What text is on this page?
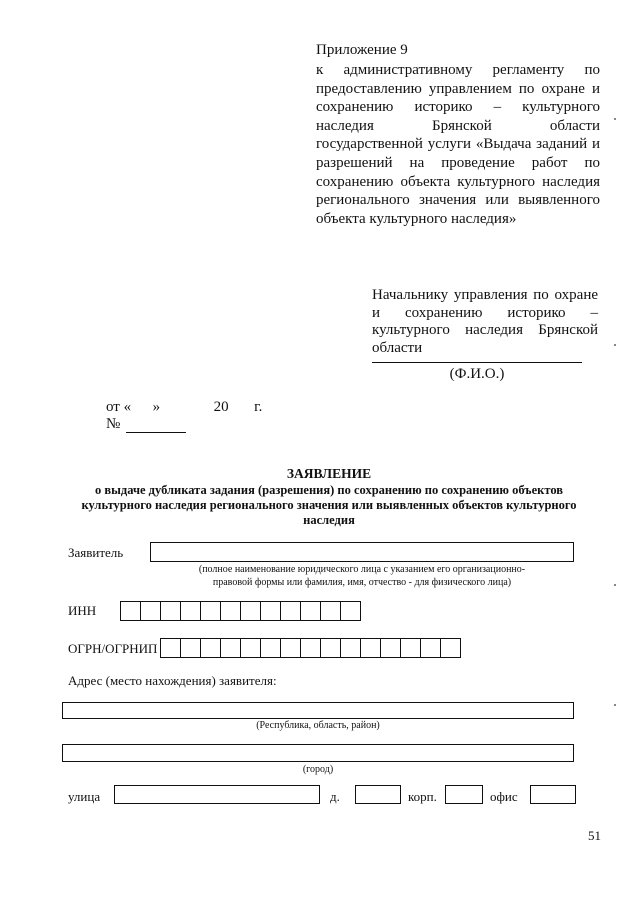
Приложение 9
к административному регламенту по предоставлению управлением по охране и сохранению историко – культурного наследия Брянской области государственной услуги «Выдача заданий и разрешений на проведение работ по сохранению объекта культурного наследия регионального значения или выявленного объекта культурного наследия»
Начальнику управления по охране и сохранению историко – культурного наследия Брянской области
(Ф.И.О.)
от « »	20 г.
№
ЗАЯВЛЕНИЕ
о выдаче дубликата задания (разрешения) по сохранению по сохранению объектов культурного наследия регионального значения или выявленных объектов культурного наследия
Заявитель
(полное наименование юридического лица с указанием его организационно-
правовой формы или фамилия, имя, отчество - для физического лица)
ИНН
ОГРН/ОГРНИП
Адрес (место нахождения) заявителя:
(Республика, область, район)
(город)
улица	д.	корп.	офис
51
